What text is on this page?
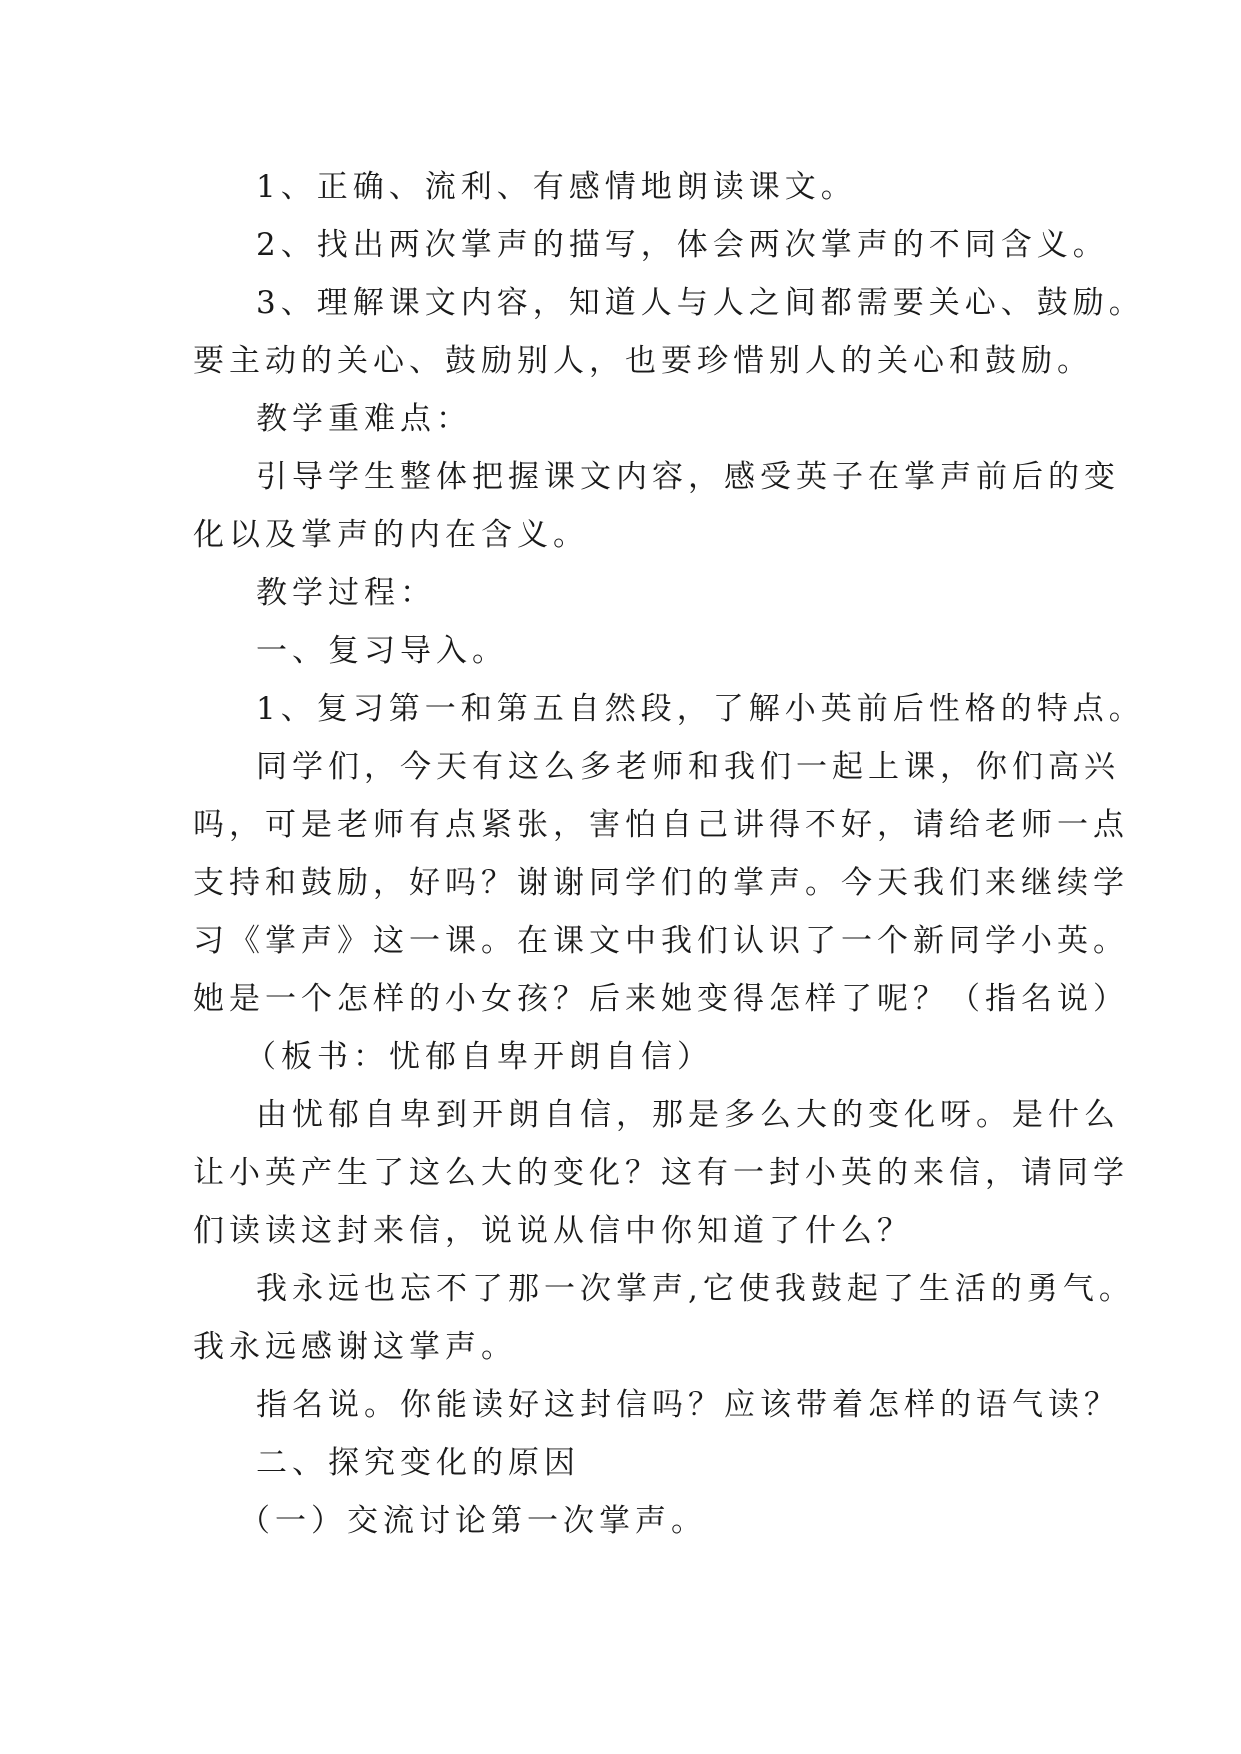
1、正确、流利、有感情地朗读课文。
2、找出两次掌声的描写，体会两次掌声的不同含义。
3、理解课文内容，知道人与人之间都需要关心、鼓励。
要主动的关心、鼓励别人，也要珍惜别人的关心和鼓励。
教学重难点：
引导学生整体把握课文内容，感受英子在掌声前后的变
化以及掌声的内在含义。
教学过程：
一、复习导入。
1、复习第一和第五自然段，了解小英前后性格的特点。
同学们，今天有这么多老师和我们一起上课，你们高兴
吗，可是老师有点紧张，害怕自己讲得不好，请给老师一点
支持和鼓励，好吗？谢谢同学们的掌声。今天我们来继续学
习《掌声》这一课。在课文中我们认识了一个新同学小英。
她是一个怎样的小女孩？后来她变得怎样了呢？（指名说）
（板书：忧郁自卑开朗自信）
由忧郁自卑到开朗自信，那是多么大的变化呀。是什么
让小英产生了这么大的变化？这有一封小英的来信，请同学
们读读这封来信，说说从信中你知道了什么？
我永远也忘不了那一次掌声,它使我鼓起了生活的勇气。
我永远感谢这掌声。
指名说。你能读好这封信吗？应该带着怎样的语气读？
二、探究变化的原因
（一）交流讨论第一次掌声。
